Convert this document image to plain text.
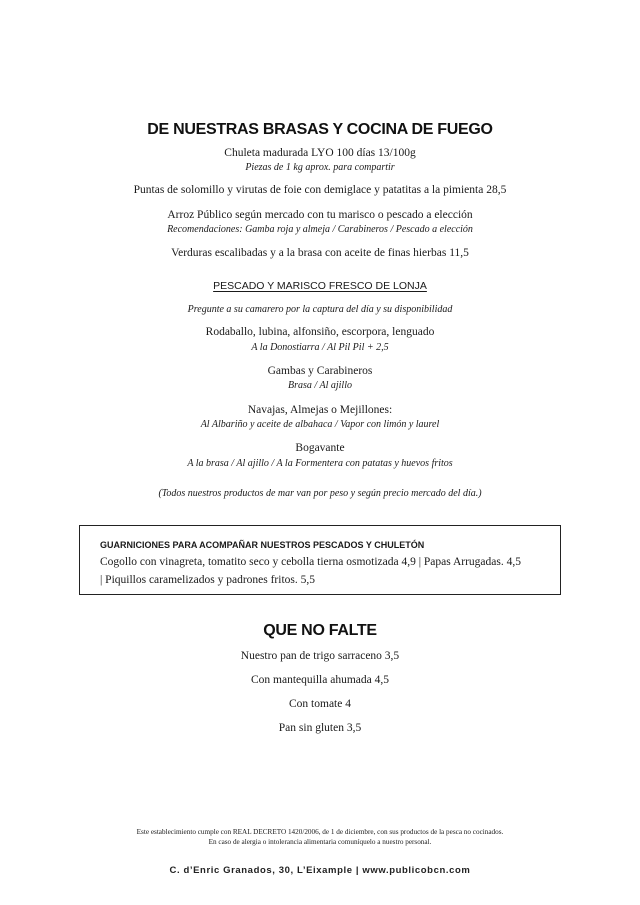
DE NUESTRAS BRASAS Y COCINA DE FUEGO
Chuleta madurada LYO 100 días 13/100g
Piezas de 1 kg aprox. para compartir
Puntas de solomillo y virutas de foie con demiglace y patatitas a la pimienta 28,5
Arroz Público según mercado con tu marisco o pescado a elección
Recomendaciones: Gamba roja y almeja / Carabineros / Pescado a elección
Verduras escalibadas y a la brasa con aceite de finas hierbas 11,5
PESCADO Y MARISCO FRESCO DE LONJA
Pregunte a su camarero por la captura del día y su disponibilidad
Rodaballo, lubina, alfonsiño, escorpora, lenguado
A la Donostiarra / Al Pil Pil + 2,5
Gambas y Carabineros
Brasa / Al ajillo
Navajas, Almejas o Mejillones:
Al Albariño y aceite de albahaca / Vapor con limón y laurel
Bogavante
A la brasa / Al ajillo / A la Formentera con patatas y huevos fritos
(Todos nuestros productos de mar van por peso y según precio mercado del día.)
GUARNICIONES PARA ACOMPAÑAR NUESTROS PESCADOS Y CHULETÓN
Cogollo con vinagreta, tomatito seco y cebolla tierna osmotizada 4,9 | Papas Arrugadas. 4,5
| Piquillos caramelizados y padrones fritos. 5,5
QUE NO FALTE
Nuestro pan de trigo sarraceno 3,5
Con mantequilla ahumada 4,5
Con tomate 4
Pan sin gluten 3,5
Este establecimiento cumple con REAL DECRETO 1420/2006, de 1 de diciembre, con sus productos de la pesca no cocinados.
En caso de alergia o intolerancia alimentaria comuníquelo a nuestro personal.
C. d’Enric Granados, 30, L’Eixample | www.publicobcn.com
